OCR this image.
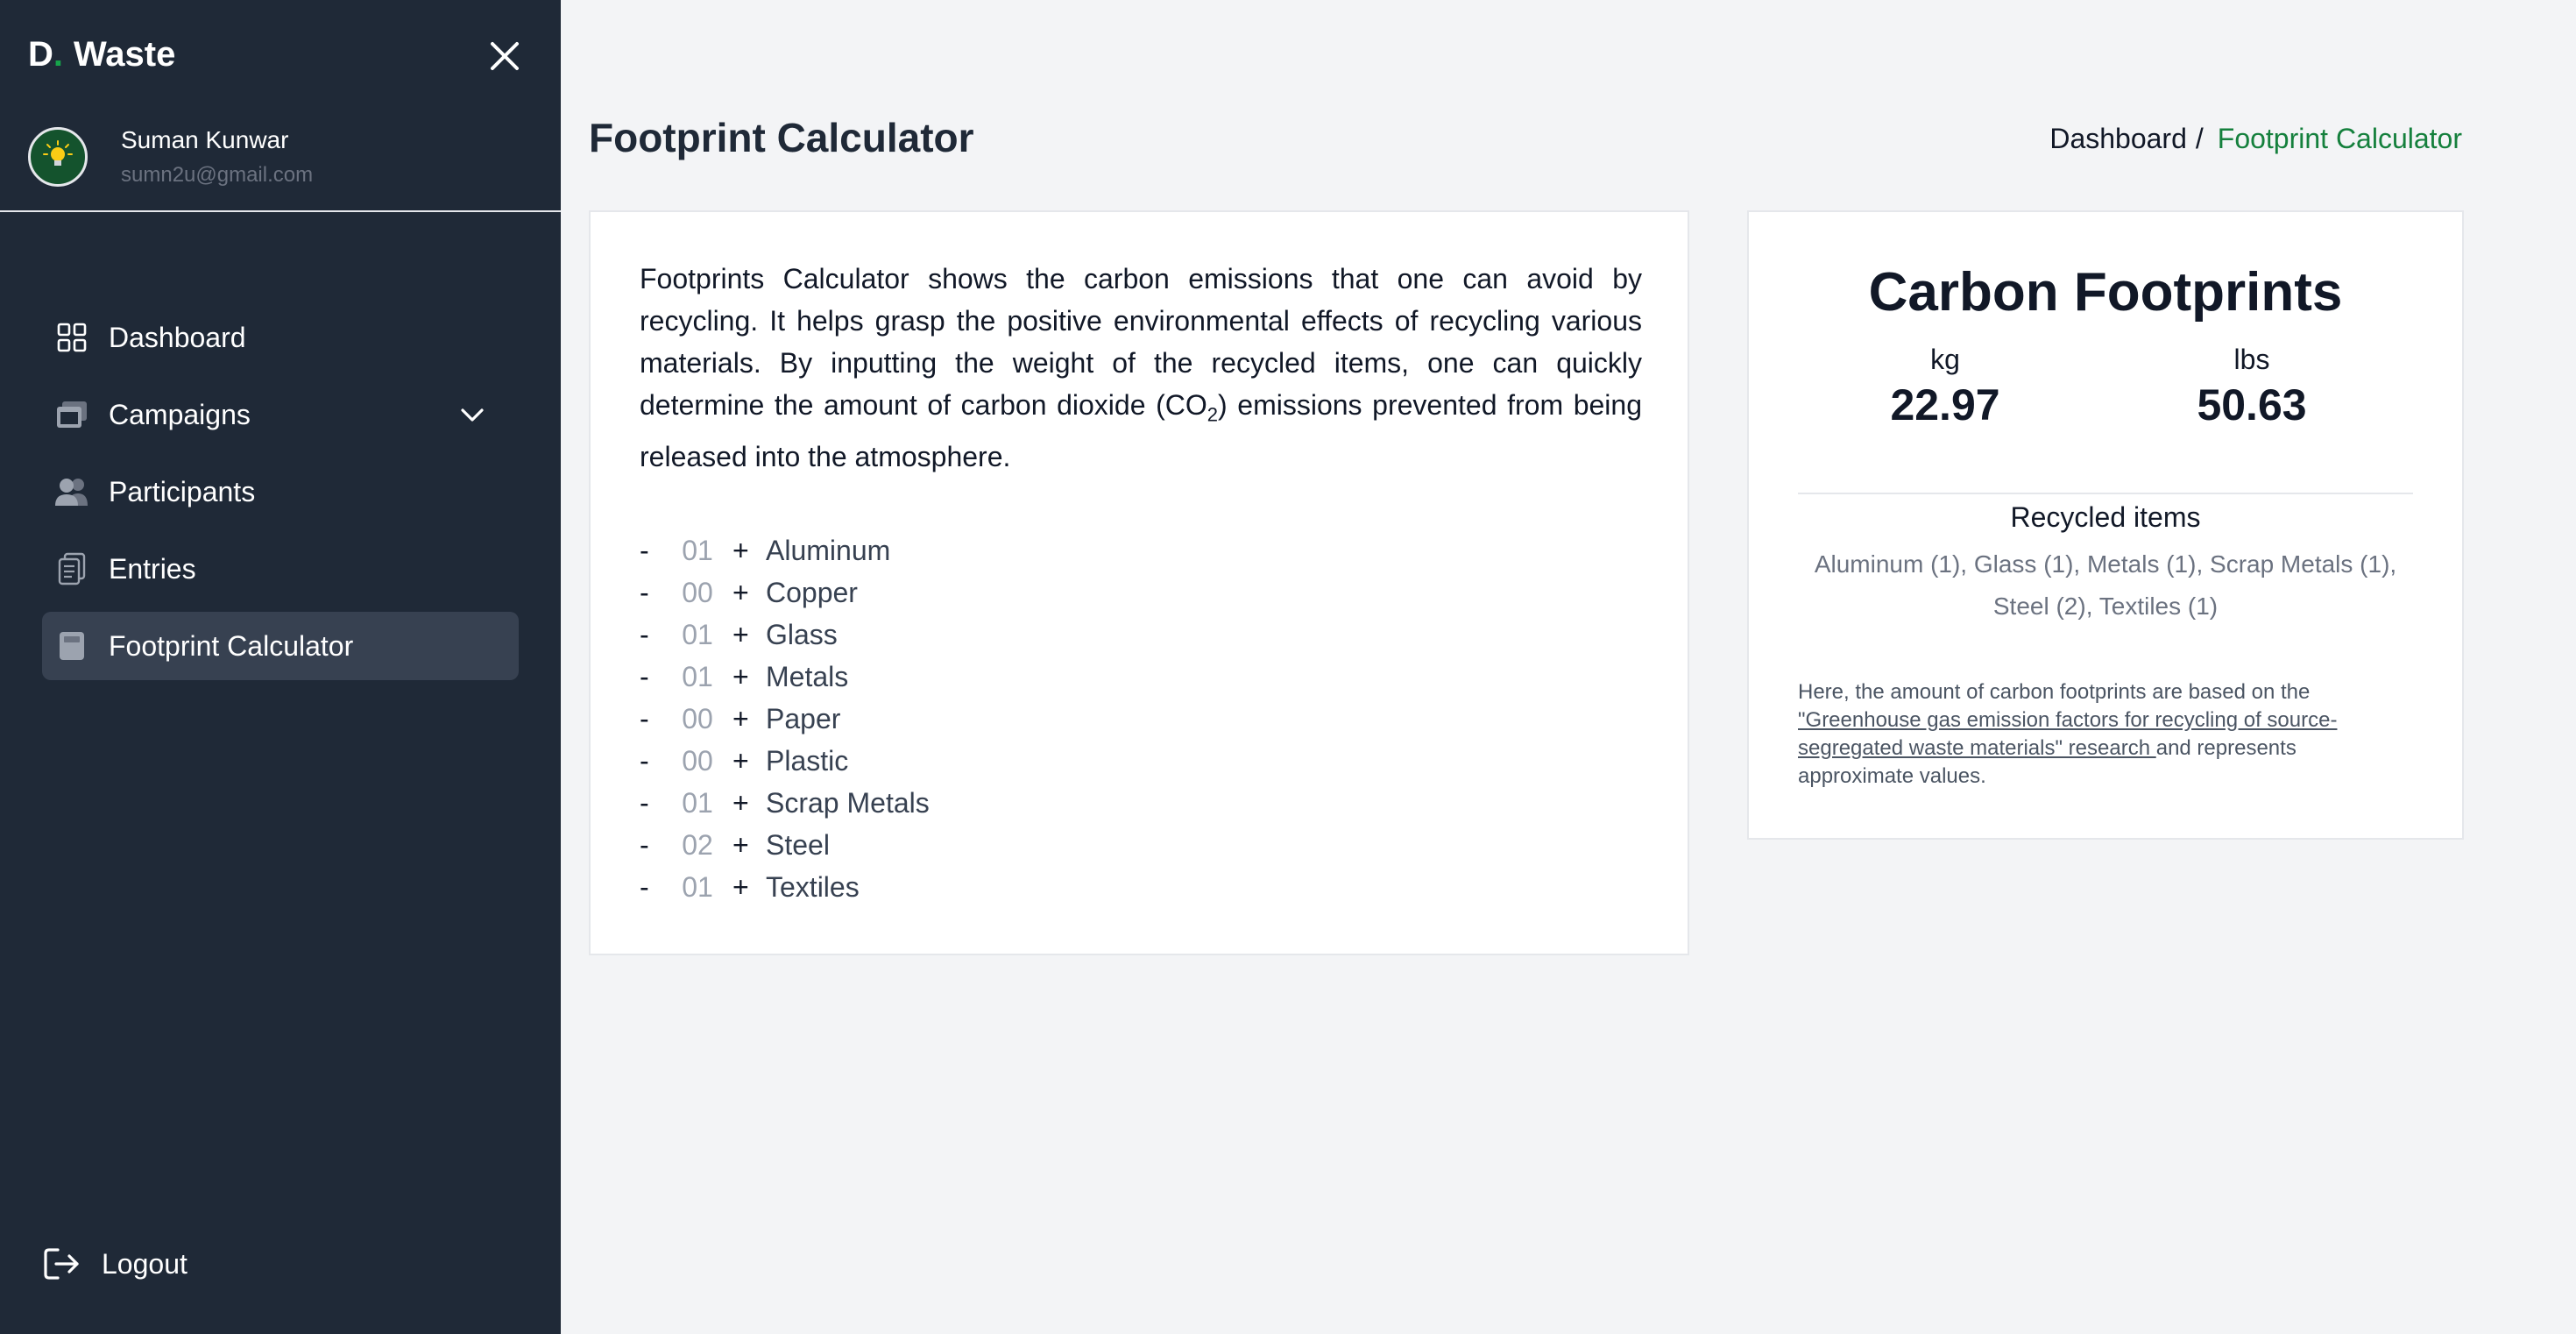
D . Waste
Suman Kunwar
sumn2u@gmail.com
Dashboard
Campaigns
Participants
Entries
Footprint Calculator
Logout
Footprint Calculator	Dashboard / Footprint Calculator

Footprints Calculator shows the carbon emissions that one can avoid by recycling. It helps grasp the positive environmental effects of recycling various materials. By inputting the weight of the recycled items, one can quickly determine the amount of carbon dioxide $(CO_2)$ emissions prevented from being released into the atmosphere.

-	01 + Aluminum
-	00 + Copper
-	01 + Glass
-	01 + Metals
-	00 + Paper
-	00 + Plastic
-	01 + Scrap Metals
-	02 + Steel
-	01 + Textiles
Carbon Footprints
kg
22.97
lbs
50.63
Recycled items
Aluminum (1), Glass (1), Metals (1), Scrap Metals (1), Steel (2), Textiles (1)

Here, the amount of carbon footprints are based on the "Greenhouse gas emission factors for recycling of source-segregated waste materials" research and represents approximate values.
